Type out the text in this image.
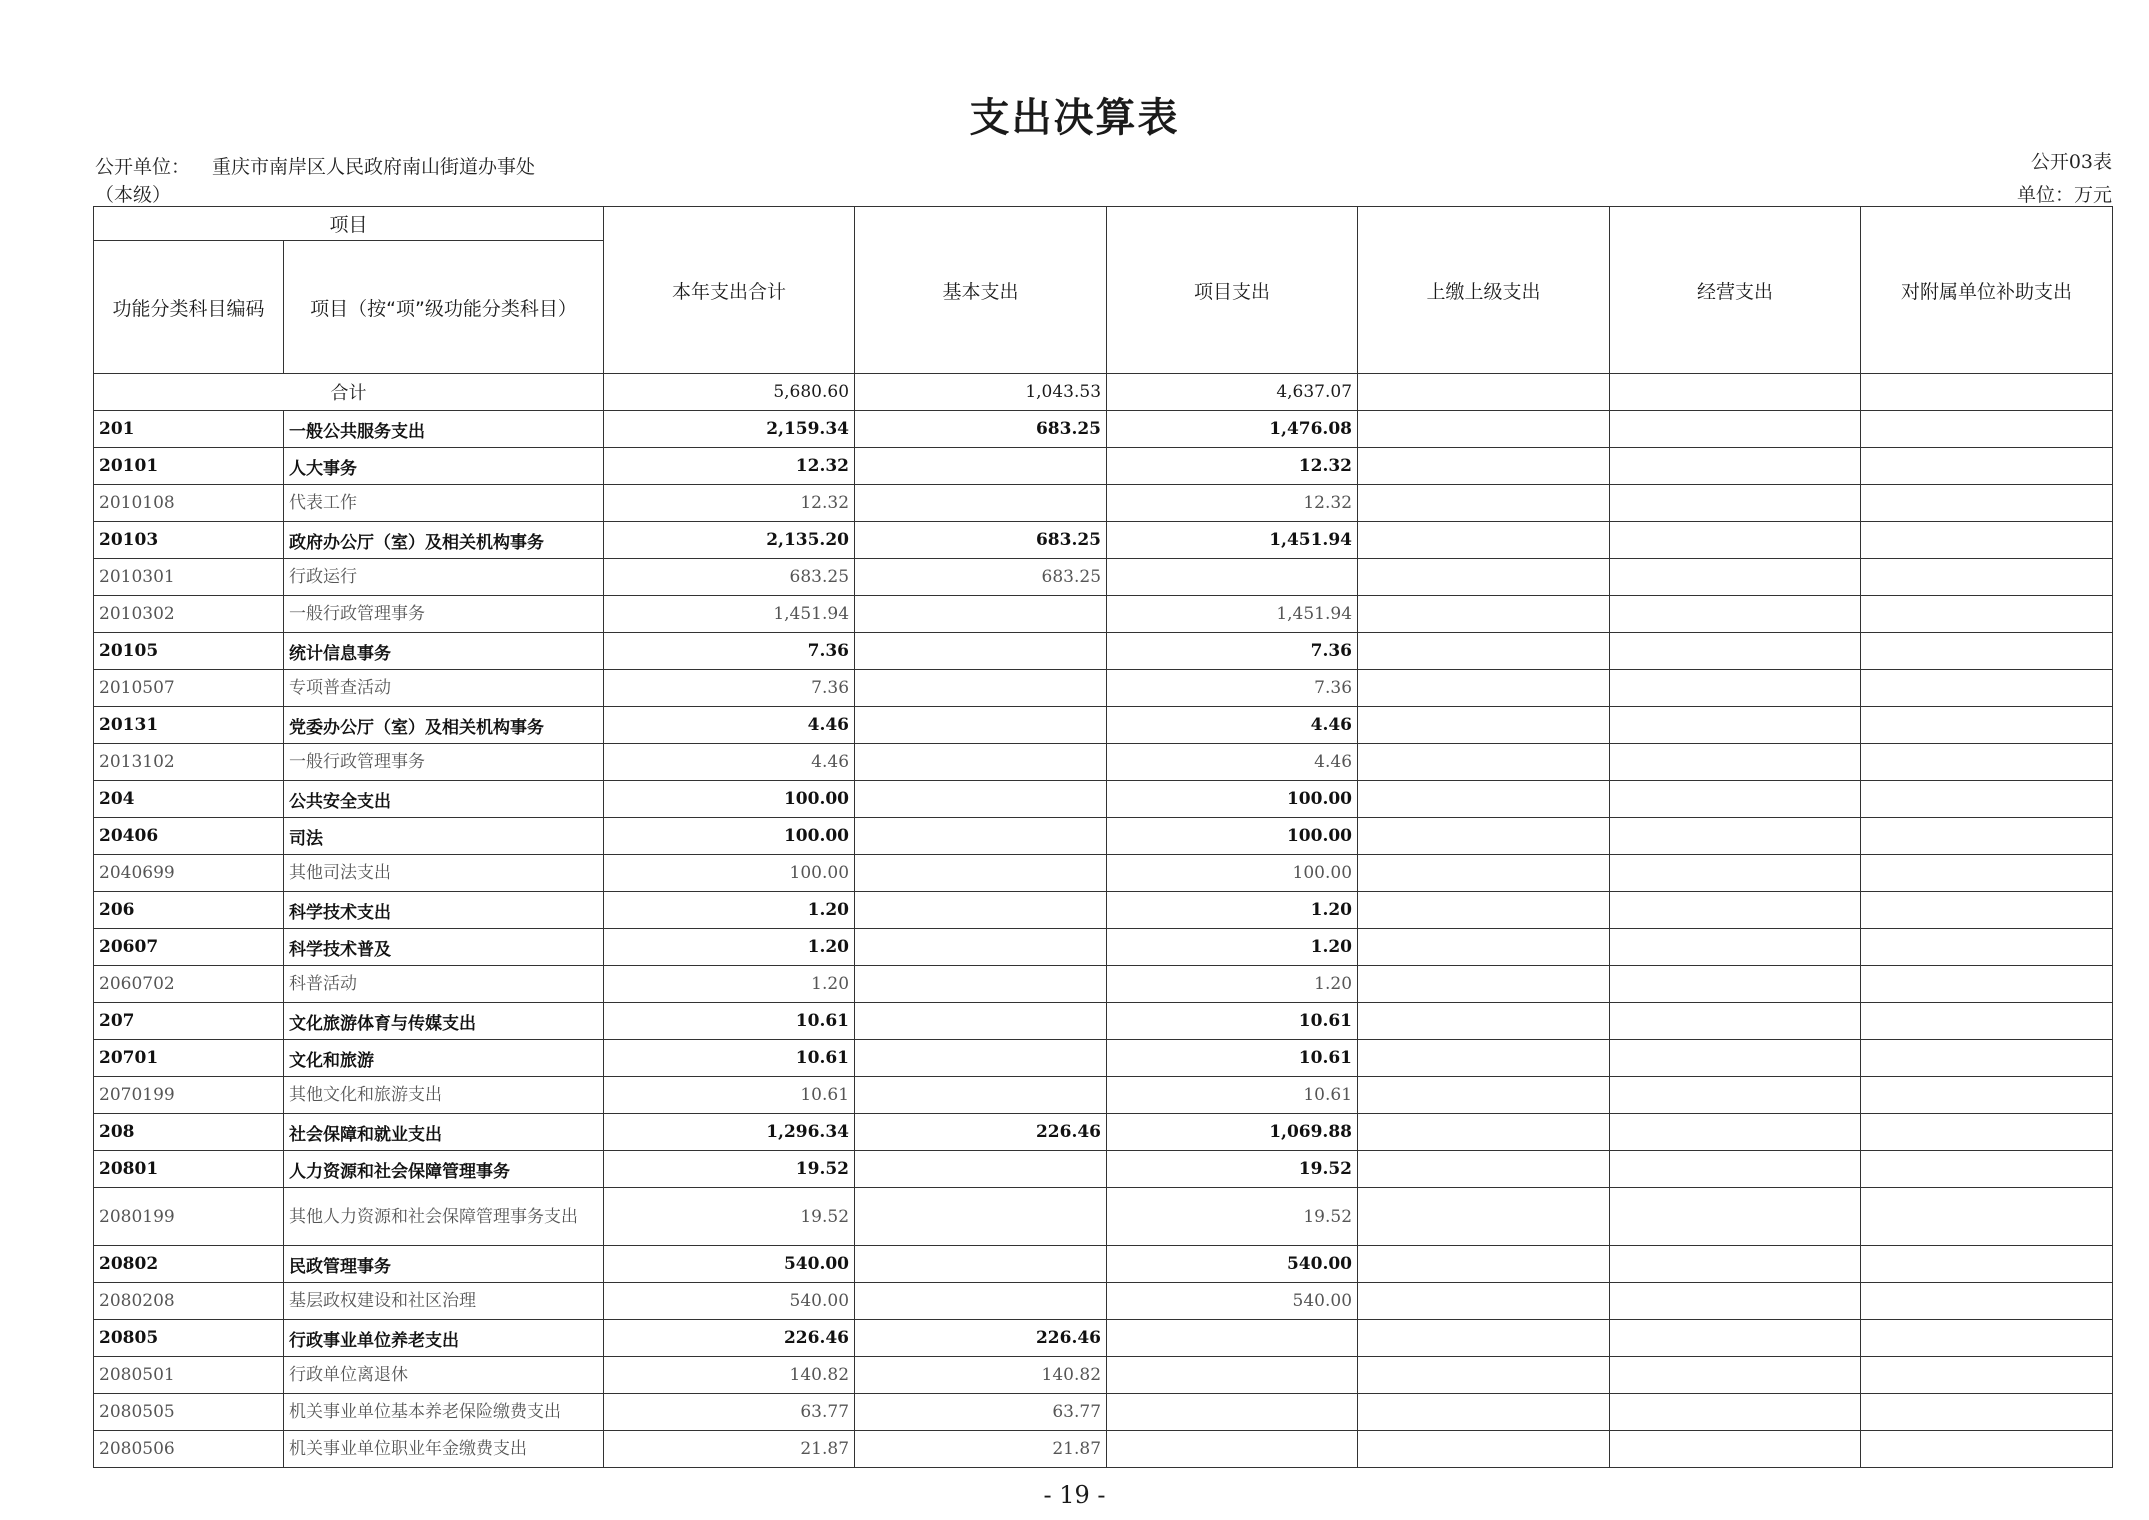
支出决算表
公开单位： 重庆市南岸区人民政府南山街道办事处
（本级）
公开03表
单位：万元
项目		本年支出合计	基本支出	项目支出	上缴上级支出	经营支出	对附属单位补助支出
功能分类科目编码	项目（按“项”级功能分类科目）						
合计		5,680.60	1,043.53	4,637.07			
201	一般公共服务支出	2,159.34	683.25	1,476.08			
20101	人大事务	12.32		12.32			
2010108	代表工作	12.32		12.32			
20103	政府办公厅（室）及相关机构事务	2,135.20	683.25	1,451.94			
2010301	行政运行	683.25	683.25				
2010302	一般行政管理事务	1,451.94		1,451.94			
20105	统计信息事务	7.36		7.36			
2010507	专项普查活动	7.36		7.36			
20131	党委办公厅（室）及相关机构事务	4.46		4.46			
2013102	一般行政管理事务	4.46		4.46			
204	公共安全支出	100.00		100.00			
20406	司法	100.00		100.00			
2040699	其他司法支出	100.00		100.00			
206	科学技术支出	1.20		1.20			
20607	科学技术普及	1.20		1.20			
2060702	科普活动	1.20		1.20			
207	文化旅游体育与传媒支出	10.61		10.61			
20701	文化和旅游	10.61		10.61			
2070199	其他文化和旅游支出	10.61		10.61			
208	社会保障和就业支出	1,296.34	226.46	1,069.88			
20801	人力资源和社会保障管理事务	19.52		19.52			
2080199	其他人力资源和社会保障管理事务支出	19.52		19.52			
20802	民政管理事务	540.00		540.00			
2080208	基层政权建设和社区治理	540.00		540.00			
20805	行政事业单位养老支出	226.46	226.46				
2080501	行政单位离退休	140.82	140.82				
2080505	机关事业单位基本养老保险缴费支出	63.77	63.77				
2080506	机关事业单位职业年金缴费支出	21.87	21.87				
- 19 -
